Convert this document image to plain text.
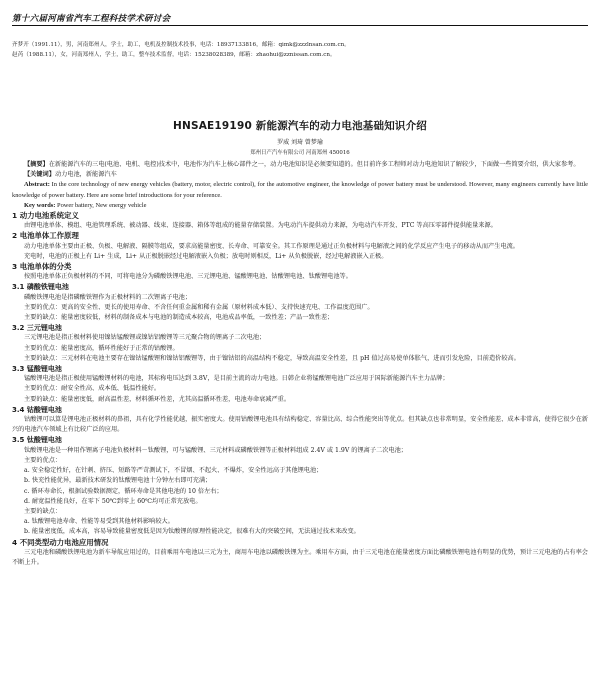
第十六届河南省汽车工程科技学术研讨会
齐梦开（1991.11），男，河南郑州人，学士，助工，电机及控制技术投事，电话：18937133816，邮箱：qimk@zzzlnsan.com.cn。
赵芮（1988.11），女，河南郑州人，学士，助工，整车技术监督，电话：15238028389，邮箱：zhaohui@zznissan.com.cn。
HNSAE19190 新能源汽车的动力电池基础知识介绍
罗威 刘琦 曾梦瑜
郑州日产汽车有限公司 河南郑州 450016

【摘要】在新能源汽车的三电(电池、电机、电控)技术中，电池作为汽车上核心部件之一，动力电池知识是必须要知道的。但目前许多工程师对动力电池知识了解较少，下面做一些简要介绍，供大家参考。

【关键词】动力电池，新能源汽车

Abstract: In the core technology of new energy vehicles (battery, motor, electric control), for the automotive engineer, the knowledge of power battery must be understood. However, many engineers currently have little knowledge of power battery. Here are some brief introductions for your reference.

Key words: Power battery, New energy vehicle

1 动力电池系统定义

由锂电池单体、模组、电池管理系统、被动器、线束、连接器、箱体等组成的能量存储装置。为电动汽车提供动力来源，为电动汽车开发、PTC 等高压零部件提供能量来源。

2 电池单体工作原理

动力电池单体主要由正极、负极、电解液、隔膜等组成，要求高能量密度、长寿命、可靠安全。其工作原理是通过正负极材料与电解液之间的化学反应产生电子的移动从而产生电流。

充电时，电池的正极上有 Li+ 生成，Li+ 从正极脱嵌经过电解液嵌入负极；放电时则相反，Li+ 从负极脱嵌，经过电解液嵌入正极。

3 电池单体的分类

按照电池单体正负极材料的不同，可将电池分为磷酸铁锂电池、三元锂电池、锰酸锂电池、钴酸锂电池、钛酸锂电池等。

3.1 磷酸铁锂电池

磷酸铁锂电池是指磷酸铁锂作为正极材料的二次锂离子电池；

主要的优点：更高的安全性、更长的使用寿命、不含任何重金属和稀有金属（原材料成本低）、支持快速充电、工作温度范围广。

主要的缺点：能量密度较低，材料的制备成本与电池的制造成本较高，电池成品率低，一致性差；产品一致性差；

3.2 三元锂电池

三元锂电池是指正极材料使用镍钴锰酸锂或镍钴铝酸锂等三元聚合物的锂离子二次电池；

主要的优点：能量密度高，循环性能好于正常的钴酸锂。

主要的缺点：三元材料在电池主要存在镍钴锰酸锂和镍钴铝酸锂等，由于镍钴铝的高温结构不稳定，导致高温安全性差，且 pH 值过高易使单体胀气，进而引发危险，目前造价较高。

3.3 锰酸锂电池

锰酸锂电池是指正极使用锰酸锂材料的电池，其标称电压达到 3.8V，是目前主流的动力电池。日韩企业将锰酸锂电池广泛应用于国际新能源汽车主力品牌；

主要的优点：耐安全性高、成本低、低温性能好。

主要的缺点：能量密度低，耐高温性差，材料循环性差，尤其高温循环性差，电池寿命衰减严重。

3.4 钴酸锂电池

钴酸锂可以算是锂电池正极材料的鼻祖，具有化学性能优越，振实密度大。使用钴酸锂电池具有结构稳定、容量比高、综合性能突出等优点。但其缺点也非常明显，安全性能差、成本非常高，使得它很少在新兴的电池汽车领域上有比较广泛的应用。

3.5 钛酸锂电池

钛酸锂电池是一种用作锂离子电池负极材料－钛酸锂，可与锰酸锂、三元材料或磷酸铁锂等正极材料组成 2.4V 或 1.9V 的锂离子二次电池；

主要的优点：

a. 安全稳定性好，在针刺、挤压、短路等严苛测试下，不冒烟、不起火、不爆炸，安全性远高于其他锂电池；

b. 快充性能优异，最新技术研发的钛酸锂电池十分钟左右即可充满；

c. 循环寿命长，根据试验数据测定，循环寿命是其他电池的 10 倍左右；

d. 耐宽温性能良好，在零下 50℃到零上 60℃均可正常充放电。

主要的缺点：

a. 钛酸锂电池寿命、性能等易受到其他材料影响较大。

b. 能量密度低，成本高，容易导致能量密度低是因为钛酸锂的原理性能决定，很难有大的突破空间，无法通过技术来改变。

4 不同类型动力电池应用情况

三元电池和磷酸铁锂电池为新车导航应用过的，目前乘用车电池以三元为主，商用车电池以磷酸铁锂为主。乘用车方面，由于三元电池在能量密度方面比磷酸铁锂电池有明显的优势，预计三元电池的占有率会不断上升。
